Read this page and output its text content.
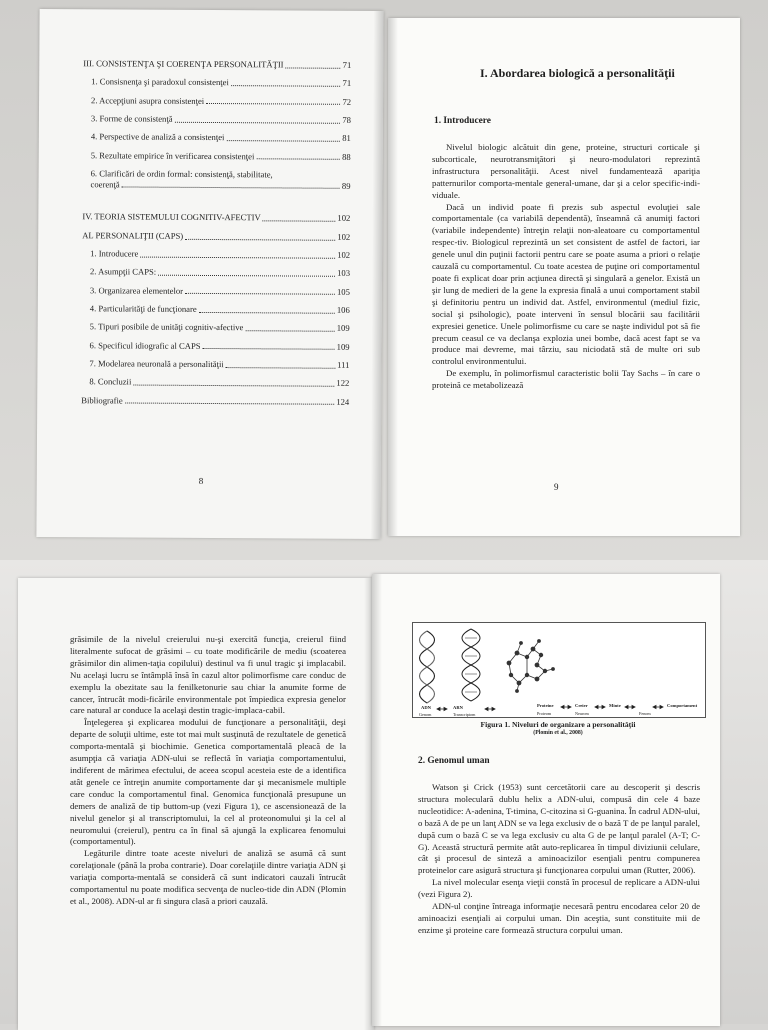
III. CONSISTENŢA ŞI COERENŢA PERSONALITĂŢII	71
1. Consisnenţa şi paradoxul consistenţei	71
2. Accepţiuni asupra consistenţei	72
3. Forme de consistenţă	78
4. Perspective de analiză a consistenţei	81
5. Rezultate empirice în verificarea consistenţei	88
6. Clarificări de ordin formal: consistenţă, stabilitate,
coerenţă	89
IV. TEORIA SISTEMULUI COGNITIV-AFECTIV	102
AL PERSONALIŢII (CAPS)	102
1. Introducere	102
2. Asumpţii CAPS:	103
3. Organizarea elementelor	105
4. Particularităţi de funcţionare	106
5. Tipuri posibile de unităţi cognitiv-afective	109
6. Specificul idiografic al CAPS	109
7. Modelarea neuronală a personalităţii	111
8. Concluzii	122
Bibliografie	124
8
I. Abordarea biologică a personalităţii
1. Introducere

Nivelul biologic alcătuit din gene, proteine, structuri corticale şi subcorticale, neurotransmiţători şi neuro-modulatori reprezintă infrastructura personalităţii. Acest nivel fundamentează apariţia patternurilor comporta-mentale general-umane, dar şi a celor specific-indi-viduale.

Dacă un individ poate fi prezis sub aspectul evoluţiei sale comportamentale (ca variabilă dependentă), înseamnă că anumiţi factori (variabile independente) întreţin relaţii non-aleatoare cu comportamentul respec-tiv. Biologicul reprezintă un set consistent de astfel de factori, iar genele unul din puţinii factorii pentru care se poate asuma a priori o relaţie cauzală cu comportamentul. Cu toate acestea de puţine ori comportamentul poate fi explicat doar prin acţiunea directă şi singulară a genelor. Există un şir lung de medieri de la gene la expresia finală a unui comportament stabil şi definitoriu pentru un individ dat. Astfel, environmentul (mediul fizic, social şi psihologic), poate interveni în sensul blocării sau facilitării expresiei genetice. Unele polimorfisme cu care se naşte individul pot să fie precum ceasul ce va declanşa explozia unei bombe, dacă acest fapt se va produce mai devreme, mai târziu, sau niciodată stă de multe ori sub controlul environmentului.

De exemplu, în polimorfismul caracteristic bolii Tay Sachs – în care o proteină ce metabolizează

9

grăsimile de la nivelul creierului nu-şi exercită funcţia, creierul fiind literalmente sufocat de grăsimi – cu toate modificările de mediu (scoaterea grăsimilor din alimen-taţia copilului) destinul va fi unul tragic şi implacabil. Nu acelaşi lucru se întâmplă însă în cazul altor polimorfisme care conduc de exemplu la obezitate sau la fenilketonurie sau chiar la anumite forme de cancer, întrucât modi-ficările environmentale pot împiedica expresia genelor care natural ar conduce la acelaşi destin tragic-implaca-cabil.

Înţelegerea şi explicarea modului de funcţionare a personalităţii, deşi departe de soluţii ultime, este tot mai mult susţinută de rezultatele de genetică comporta-mentală şi biochimie. Genetica comportamentală pleacă de la asumpţia că variaţia ADN-ului se reflectă în variaţia comportamentului, indiferent de mărimea efectului, de aceea scopul acesteia este de a identifica atât genele ce întreţin anumite comportamente dar şi mecanismele multiple care conduc la comportamentul final. Genomica funcţională presupune un demers de analiză de tip buttom-up (vezi Figura 1), ce ascensionează de la nivelul genelor şi al transcriptomului, la cel al proteonomului şi la cel al neuromului (creierul), pentru ca în final să ajungă la explicarea fenomului (comportamentul).

Legăturile dintre toate aceste niveluri de analiză se asumă că sunt corelaţionale (până la proba contrarie). Doar corelaţiile dintre variaţia ADN şi variaţia comporta-mentală se consideră că sunt indicatori cauzali întrucât comportamentul nu poate modifica secvenţa de nucleo-tide din ADN (Plomin et al., 2008). ADN-ul ar fi singura clasă a priori cauzală.

ADN	ARN	Proteine	Creier	Minte	Comportament
Genom	Transcriptom	Proteom	Neurom	Fenom
Figura 1. Niveluri de organizare a personalităţii
(Plomin et al., 2008)
2. Genomul uman

Watson şi Crick (1953) sunt cercetătorii care au descoperit şi descris structura moleculară dublu helix a ADN-ului, compusă din cele 4 baze nucleotidice: A-adenina, T-timina, C-citozina si G-guanina. În cadrul ADN-ului, o bază A de pe un lanţ ADN se va lega exclusiv de o bază T de pe lanţul paralel, după cum o bază C se va lega exclusiv cu alta G de pe lanţul paralel (A-T; C-G). Această structură permite atât auto-replicarea în timpul diviziunii celulare, cât şi procesul de sinteză a aminoacizilor esenţiali pentru compunerea proteinelor care asigură structura şi funcţionarea corpului uman (Rutter, 2006).

La nivel molecular esenţa vieţii constă în procesul de replicare a ADN-ului (vezi Figura 2).

ADN-ul conţine întreaga informaţie necesară pentru encodarea celor 20 de aminoacizi esenţiali ai corpului uman. Din aceştia, sunt constituite mii de enzime şi proteine care formează structura corpului uman.
